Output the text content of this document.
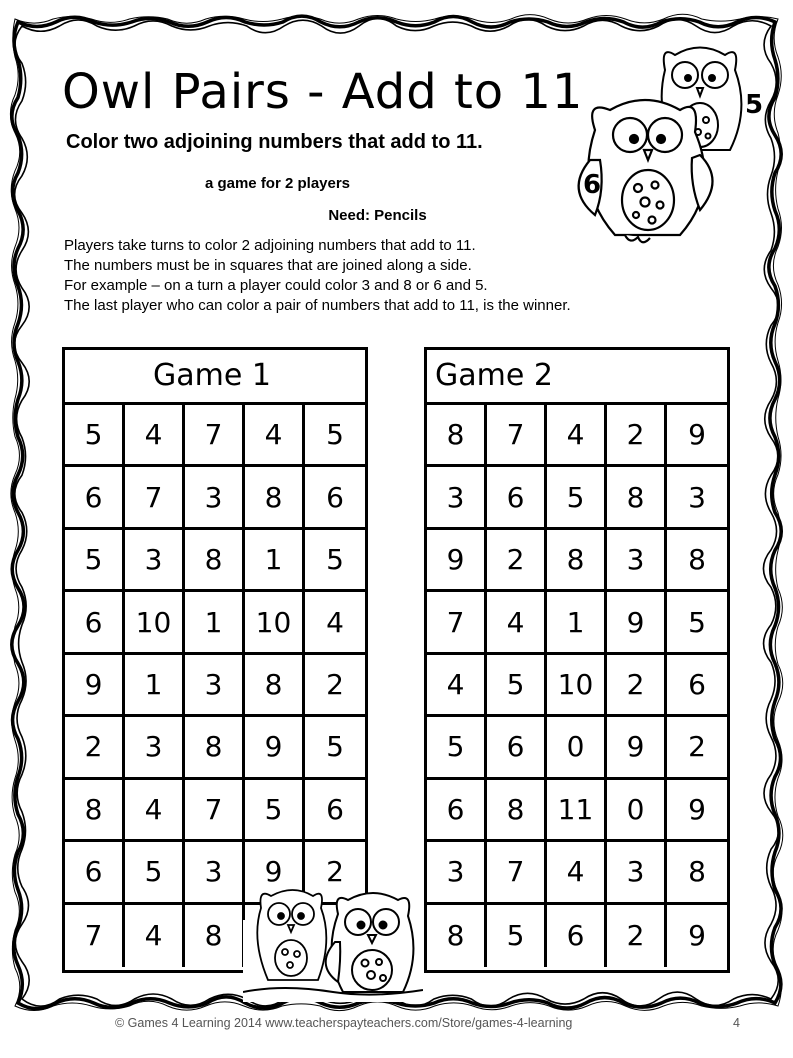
Owl Pairs - Add to 11
Color two adjoining numbers that add to 11.
a game for 2 players
Need: Pencils
Players take turns to color 2 adjoining numbers that add to 11.
The numbers must be in squares that are joined along a side.
For example – on a turn a player could color 3 and 8 or 6 and 5.
The last player who can color a pair of numbers that add to 11, is the winner.
6
5
Game 1
5	4	7	4	5
6	7	3	8	6
5	3	8	1	5
6	10	1	10	4
9	1	3	8	2
2	3	8	9	5
8	4	7	5	6
6	5	3	9	2
7	4	8
Game 2
8	7	4	2	9
3	6	5	8	3
9	2	8	3	8
7	4	1	9	5
4	5	10	2	6
5	6	0	9	2
6	8	11	0	9
3	7	4	3	8
8	5	6	2	9
© Games 4 Learning 2014 www.teacherspayteachers.com/Store/games-4-learning	4
